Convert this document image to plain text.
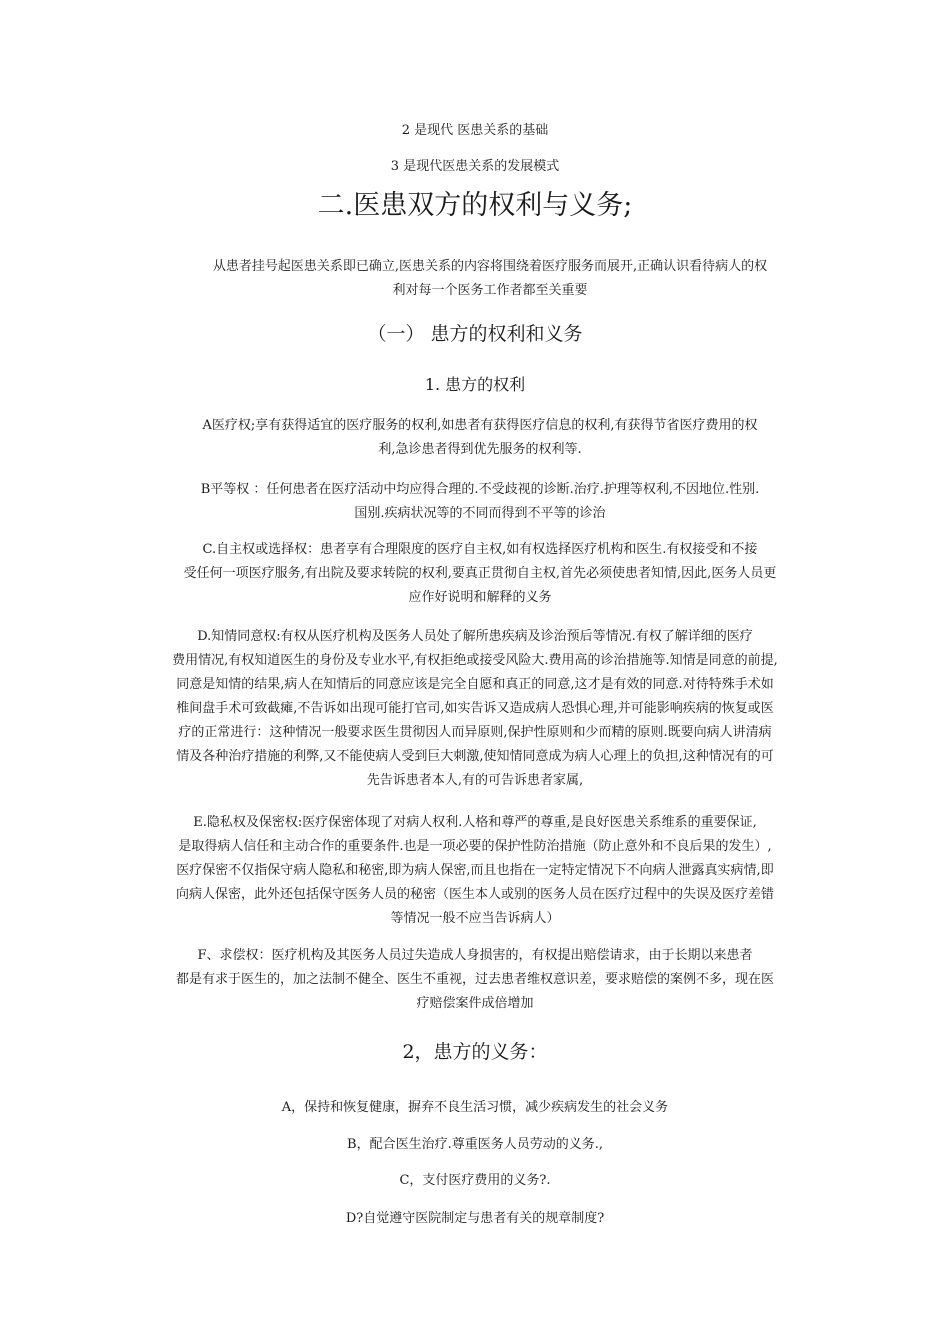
2 是现代 医患关系的基础
3 是现代医患关系的发展模式
二.医患双方的权利与义务;
从患者挂号起医患关系即已确立,医患关系的内容将围绕着医疗服务而展开,正确认识看待病人的权
利对每一个医务工作者都至关重要
（一） 患方的权利和义务
1. 患方的权利
A医疗权;享有获得适宜的医疗服务的权利,如患者有获得医疗信息的权利,有获得节省医疗费用的权
利,急诊患者得到优先服务的权利等.
B平等权 ：任何患者在医疗活动中均应得合理的.不受歧视的诊断.治疗.护理等权利,不因地位.性别.
国别.疾病状况等的不同而得到不平等的诊治
C.自主权或选择权：患者享有合理限度的医疗自主权,如有权选择医疗机构和医生.有权接受和不接
受任何一项医疗服务,有出院及要求转院的权利,要真正贯彻自主权,首先必须使患者知情,因此,医务人员更
应作好说明和解释的义务
D.知情同意权:有权从医疗机构及医务人员处了解所患疾病及诊治预后等情况.有权了解详细的医疗
费用情况,有权知道医生的身份及专业水平,有权拒绝或接受风险大.费用高的诊治措施等.知情是同意的前提,
同意是知情的结果,病人在知情后的同意应该是完全自愿和真正的同意,这才是有效的同意.对待特殊手术如
椎间盘手术可致截瘫,不告诉如出现可能打官司,如实告诉又造成病人恐惧心理,并可能影响疾病的恢复或医
疗的正常进行：这种情况一般要求医生贯彻因人而异原则,保护性原则和少而精的原则.既要向病人讲清病
情及各种治疗措施的利弊,又不能使病人受到巨大刺激,使知情同意成为病人心理上的负担,这种情况有的可
先告诉患者本人,有的可告诉患者家属,
E.隐私权及保密权:医疗保密体现了对病人权利.人格和尊严的尊重,是良好医患关系维系的重要保证,
是取得病人信任和主动合作的重要条件.也是一项必要的保护性防治措施（防止意外和不良后果的发生）,
医疗保密不仅指保守病人隐私和秘密,即为病人保密,而且也指在一定特定情况下不向病人泄露真实病情,即
向病人保密，此外还包括保守医务人员的秘密（医生本人或别的医务人员在医疗过程中的失误及医疗差错
等情况一般不应当告诉病人）
F、求偿权：医疗机构及其医务人员过失造成人身损害的，有权提出赔偿请求，由于长期以来患者
都是有求于医生的，加之法制不健全、医生不重视，过去患者维权意识差，要求赔偿的案例不多，现在医
疗赔偿案件成倍增加
2，患方的义务：
A，保持和恢复健康，摒弃不良生活习惯，减少疾病发生的社会义务
B，配合医生治疗.尊重医务人员劳动的义务.,
C，支付医疗费用的义务?.
D?自觉遵守医院制定与患者有关的规章制度?
